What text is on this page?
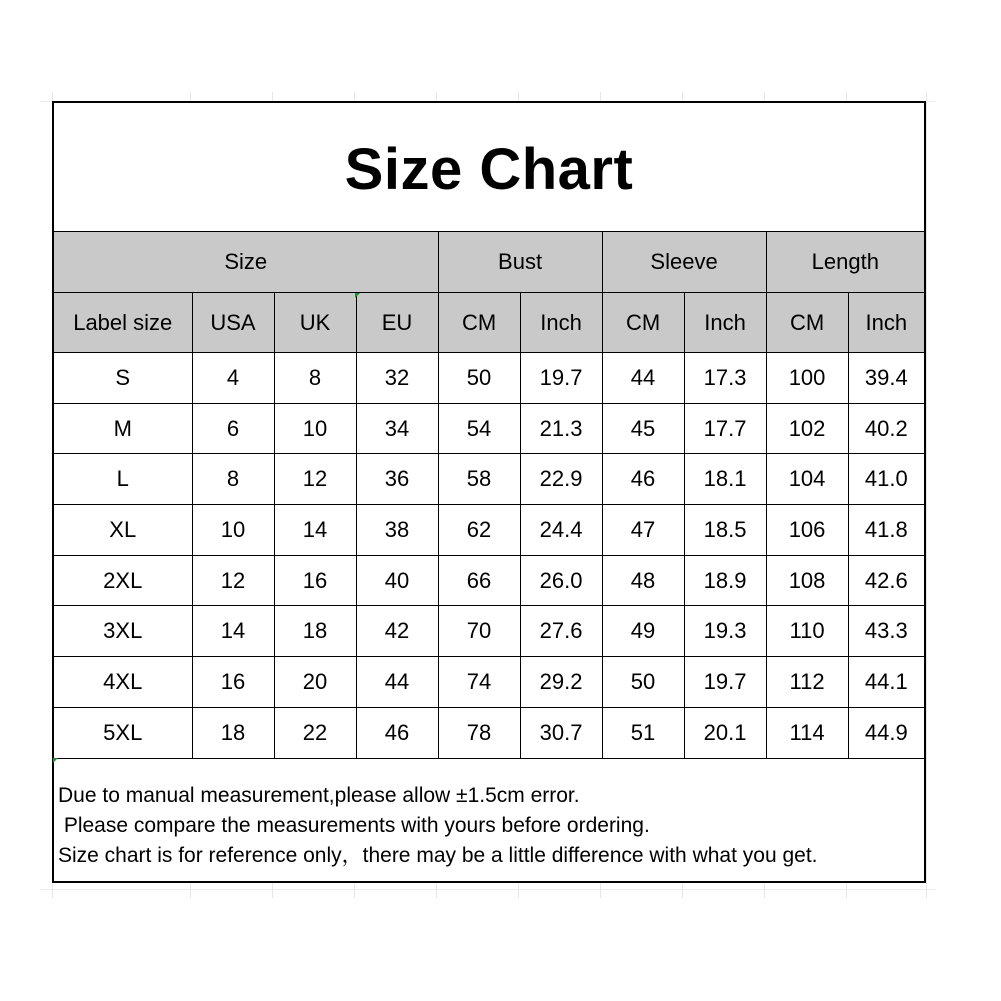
Size Chart
Size				Bust		Sleeve		Length	
Label size	USA	UK	EU	CM	Inch	CM	Inch	CM	Inch
S	4	8	32	50	19.7	44	17.3	100	39.4
M	6	10	34	54	21.3	45	17.7	102	40.2
L	8	12	36	58	22.9	46	18.1	104	41.0
XL	10	14	38	62	24.4	47	18.5	106	41.8
2XL	12	16	40	66	26.0	48	18.9	108	42.6
3XL	14	18	42	70	27.6	49	19.3	110	43.3
4XL	16	20	44	74	29.2	50	19.7	112	44.1
5XL	18	22	46	78	30.7	51	20.1	114	44.9
Due to manual measurement,please allow ±1.5cm error.
Please compare the measurements with yours before ordering.
Size chart is for reference only，there may be a little difference with what you get.
